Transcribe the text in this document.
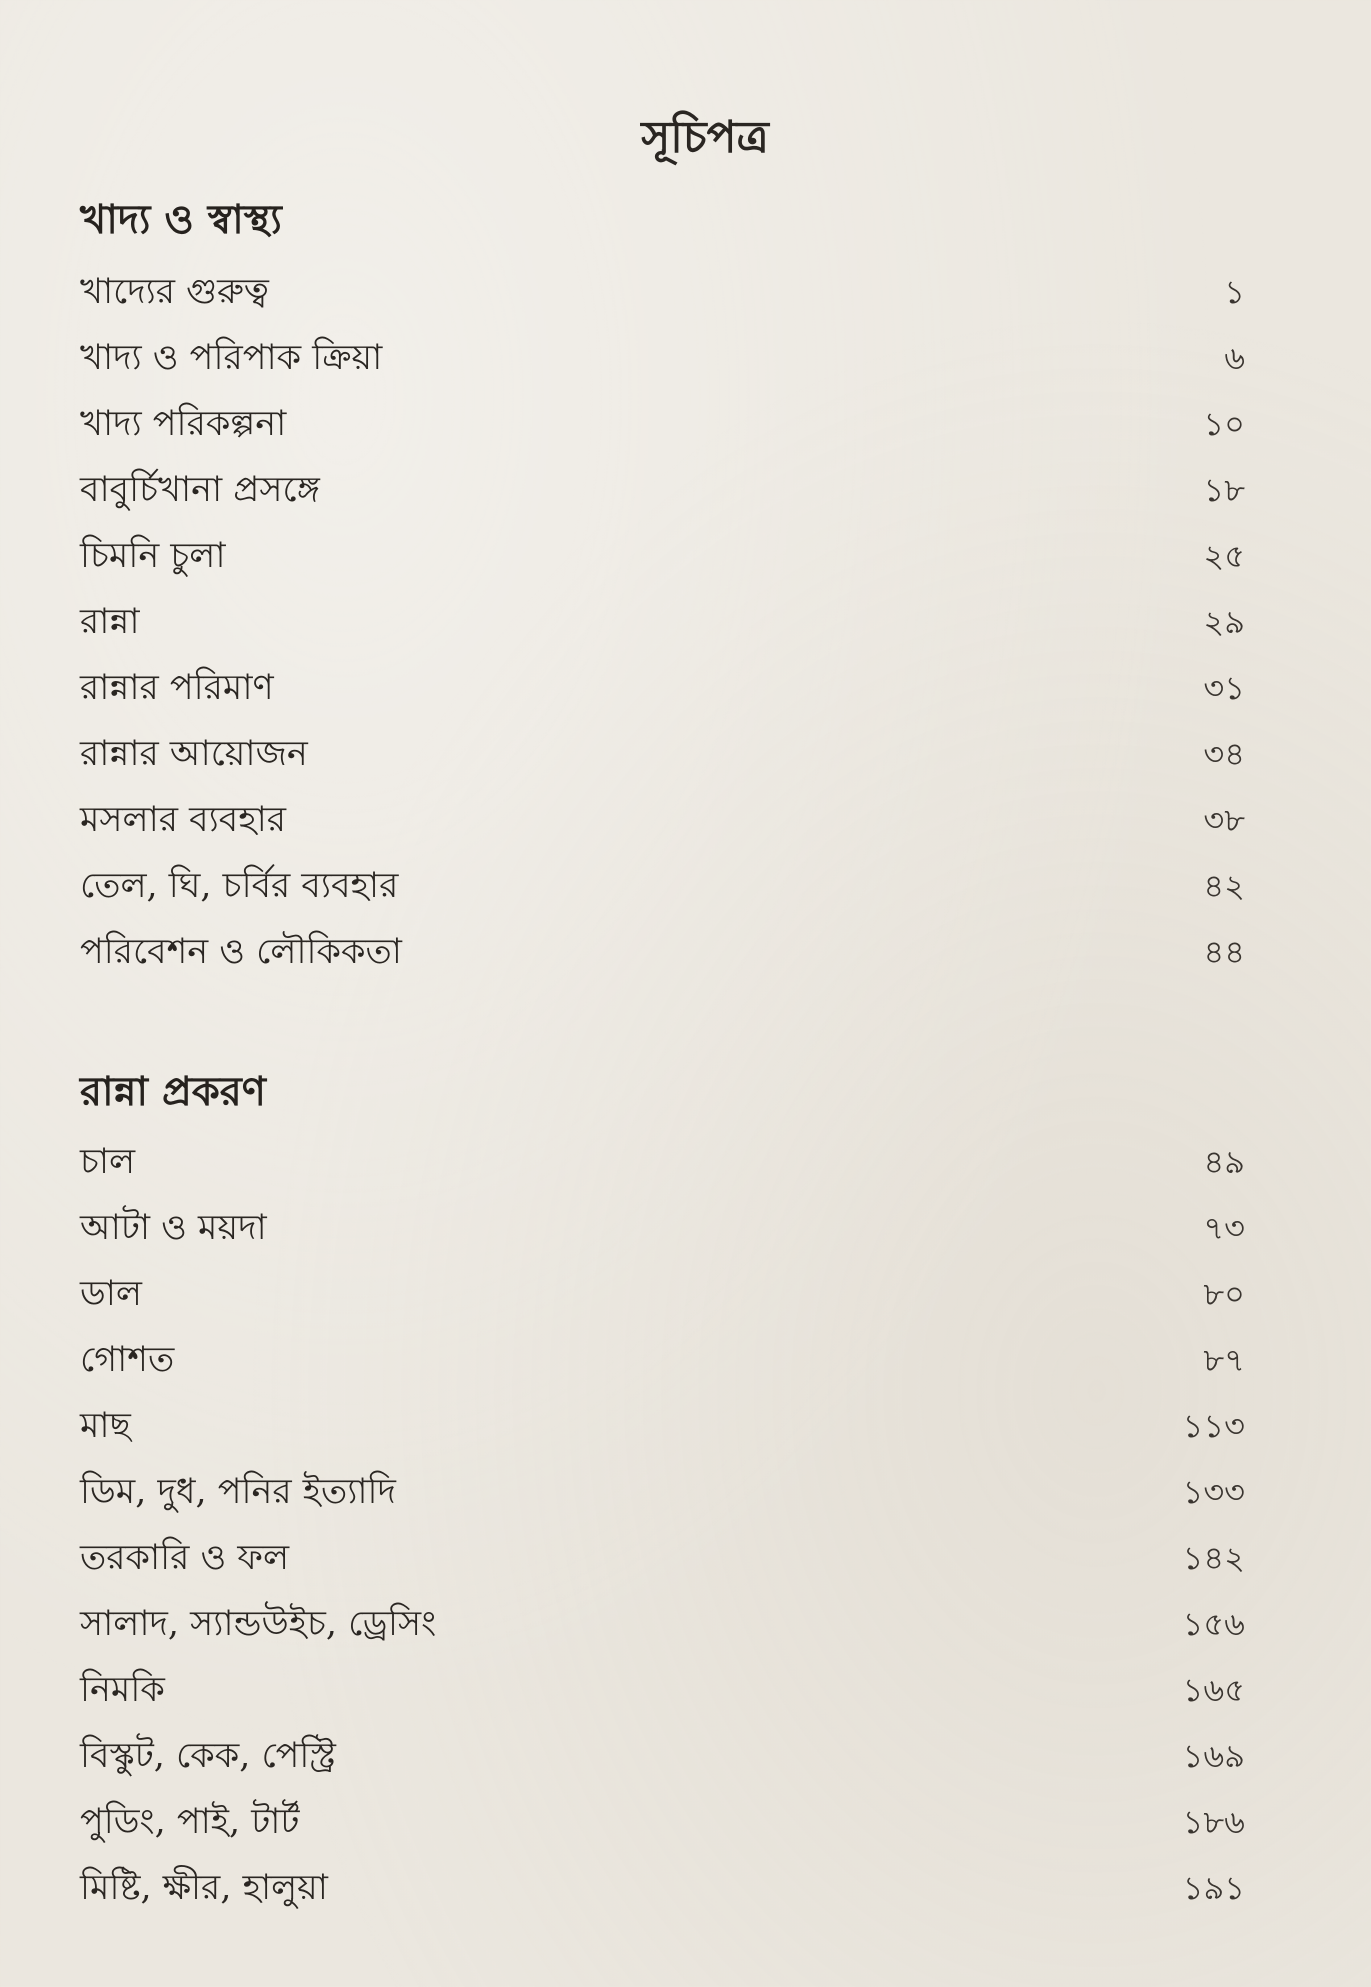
সূচিপত্র
খাদ্য ও স্বাস্থ্য
খাদ্যের গুরুত্ব	১
খাদ্য ও পরিপাক ক্রিয়া	৬
খাদ্য পরিকল্পনা	১০
বাবুর্চিখানা প্রসঙ্গে	১৮
চিমনি চুলা	২৫
রান্না	২৯
রান্নার পরিমাণ	৩১
রান্নার আয়োজন	৩৪
মসলার ব্যবহার	৩৮
তেল, ঘি, চর্বির ব্যবহার	৪২
পরিবেশন ও লৌকিকতা	৪৪
রান্না প্রকরণ
চাল	৪৯
আটা ও ময়দা	৭৩
ডাল	৮০
গোশত	৮৭
মাছ	১১৩
ডিম, দুধ, পনির ইত্যাদি	১৩৩
তরকারি ও ফল	১৪২
সালাদ, স্যান্ডউইচ, ড্রেসিং	১৫৬
নিমকি	১৬৫
বিস্কুট, কেক, পেস্ট্রি	১৬৯
পুডিং, পাই, টার্ট	১৮৬
মিষ্টি, ক্ষীর, হালুয়া	১৯১
